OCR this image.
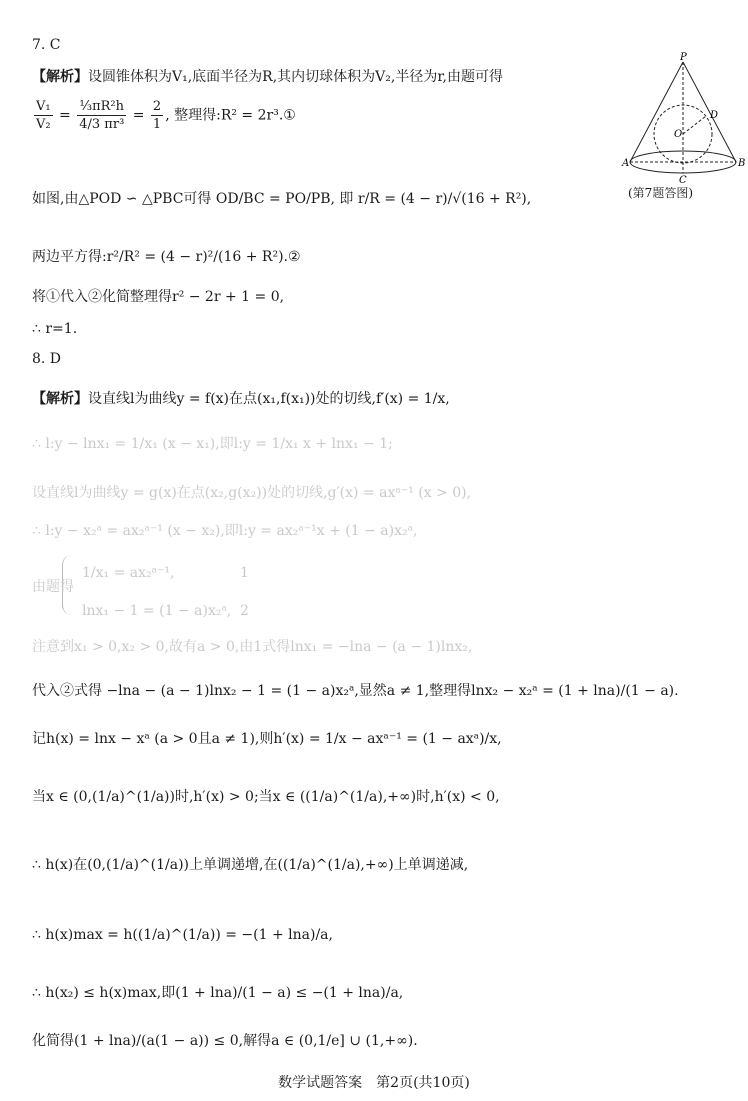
7. C
【解析】设圆锥体积为V₁,底面半径为R,其内切球体积为V₂,半径为r,由题可得
$\frac{\text{V₁}}{\text{V₂}} = \frac{\text{⅓πR²h}}{\text{4/3 πr³}} = \frac{2}{1}$ , 整理得:R² = 2r³.①
如图,由△POD ∽ △PBC可得 OD/BC = PO/PB, 即 r/R = (4 − r)/√(16 + R²),
两边平方得:r²/R² = (4 − r)²/(16 + R²).②
将①代入②化简整理得r² − 2r + 1 = 0,
∴ r=1.
P
O
D
A	B
C
(第7题答图)
8. D
【解析】设直线l为曲线y = f(x)在点(x₁,f(x₁))处的切线,f′(x) = 1/x,
∴ l:y − lnx₁ = 1/x₁ (x − x₁),即l:y = 1/x₁ x + lnx₁ − 1;
设直线l为曲线y = g(x)在点(x₂,g(x₂))处的切线,g′(x) = axᵃ⁻¹ (x > 0),
∴ l:y − x₂ᵃ = ax₂ᵃ⁻¹ (x − x₂),即l:y = ax₂ᵃ⁻¹x + (1 − a)x₂ᵃ,
由题得
1/x₁ = ax₂ᵃ⁻¹,
lnx₁ − 1 = (1 − a)x₂ᵃ,
1
2
注意到x₁ > 0,x₂ > 0,故有a > 0,由1式得lnx₁ = −lna − (a − 1)lnx₂,
代入②式得 −lna − (a − 1)lnx₂ − 1 = (1 − a)x₂ᵃ,显然a ≠ 1,整理得lnx₂ − x₂ᵃ = (1 + lna)/(1 − a).
记h(x) = lnx − xᵃ (a > 0且a ≠ 1),则h′(x) = 1/x − axᵃ⁻¹ = (1 − axᵃ)/x,
当x ∈ (0,(1/a)^(1/a))时,h′(x) > 0;当x ∈ ((1/a)^(1/a),+∞)时,h′(x) < 0,
∴ h(x)在(0,(1/a)^(1/a))上单调递增,在((1/a)^(1/a),+∞)上单调递减,
∴ h(x)max = h((1/a)^(1/a)) = −(1 + lna)/a,
∴ h(x₂) ≤ h(x)max,即(1 + lna)/(1 − a) ≤ −(1 + lna)/a,
化简得(1 + lna)/(a(1 − a)) ≤ 0,解得a ∈ (0,1/e] ∪ (1,+∞).
数学试题答案　第2页(共10页)
